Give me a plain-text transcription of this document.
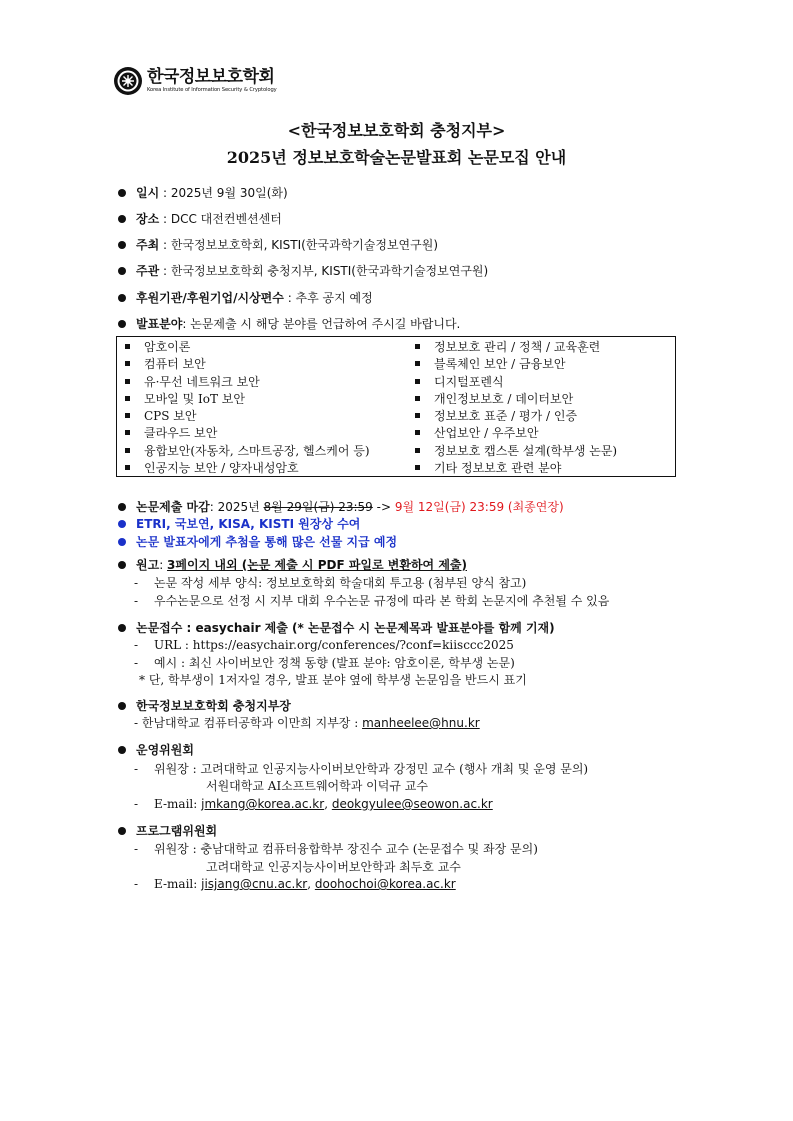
한국정보보호학회
Korea Institute of Information Security & Cryptology
<한국정보보호학회 충청지부>
2025년 정보보호학술논문발표회 논문모집 안내
일시 : 2025년 9월 30일(화)
장소 : DCC 대전컨벤션센터
주최 : 한국정보보호학회, KISTI(한국과학기술정보연구원)
주관 : 한국정보보호학회 충청지부, KISTI(한국과학기술정보연구원)
후원기관/후원기업/시상편수 : 추후 공지 예정
발표분야: 논문제출 시 해당 분야를 언급하여 주시길 바랍니다.
암호이론
컴퓨터 보안
유·무선 네트워크 보안
모바일 및 IoT 보안
CPS 보안
클라우드 보안
융합보안(자동차, 스마트공장, 헬스케어 등)
인공지능 보안 / 양자내성암호
정보보호 관리 / 정책 / 교육훈련
블록체인 보안 / 금융보안
디지털포렌식
개인정보보호 / 데이터보안
정보보호 표준 / 평가 / 인증
산업보안 / 우주보안
정보보호 캡스톤 설계(학부생 논문)
기타 정보보호 관련 분야
논문제출 마감: 2025년 8월 29일(금) 23:59 -> 9월 12일(금) 23:59 (최종연장)
ETRI, 국보연, KISA, KISTI 원장상 수여
논문 발표자에게 추첨을 통해 많은 선물 지급 예정
원고: 3페이지 내외 (논문 제출 시 PDF 파일로 변환하여 제출)
- 논문 작성 세부 양식: 정보보호학회 학술대회 투고용 (첨부된 양식 참고)
- 우수논문으로 선정 시 지부 대회 우수논문 규정에 따라 본 학회 논문지에 추천될 수 있음
논문접수 : easychair 제출 (* 논문접수 시 논문제목과 발표분야를 함께 기재)
- URL : https://easychair.org/conferences/?conf=kiisccc2025
- 예시 : 최신 사이버보안 정책 동향 (발표 분야: 암호이론, 학부생 논문)
* 단, 학부생이 1저자일 경우, 발표 분야 옆에 학부생 논문임을 반드시 표기
한국정보보호학회 충청지부장
- 한남대학교 컴퓨터공학과 이만희 지부장 : manheelee@hnu.kr
운영위원회
- 위원장 : 고려대학교 인공지능사이버보안학과 강정민 교수 (행사 개최 및 운영 문의)
서원대학교 AI소프트웨어학과 이덕규 교수
- E-mail: jmkang@korea.ac.kr, deokgyulee@seowon.ac.kr
프로그램위원회
- 위원장 : 충남대학교 컴퓨터융합학부 장진수 교수 (논문접수 및 좌장 문의)
고려대학교 인공지능사이버보안학과 최두호 교수
- E-mail: jisjang@cnu.ac.kr, doohochoi@korea.ac.kr
